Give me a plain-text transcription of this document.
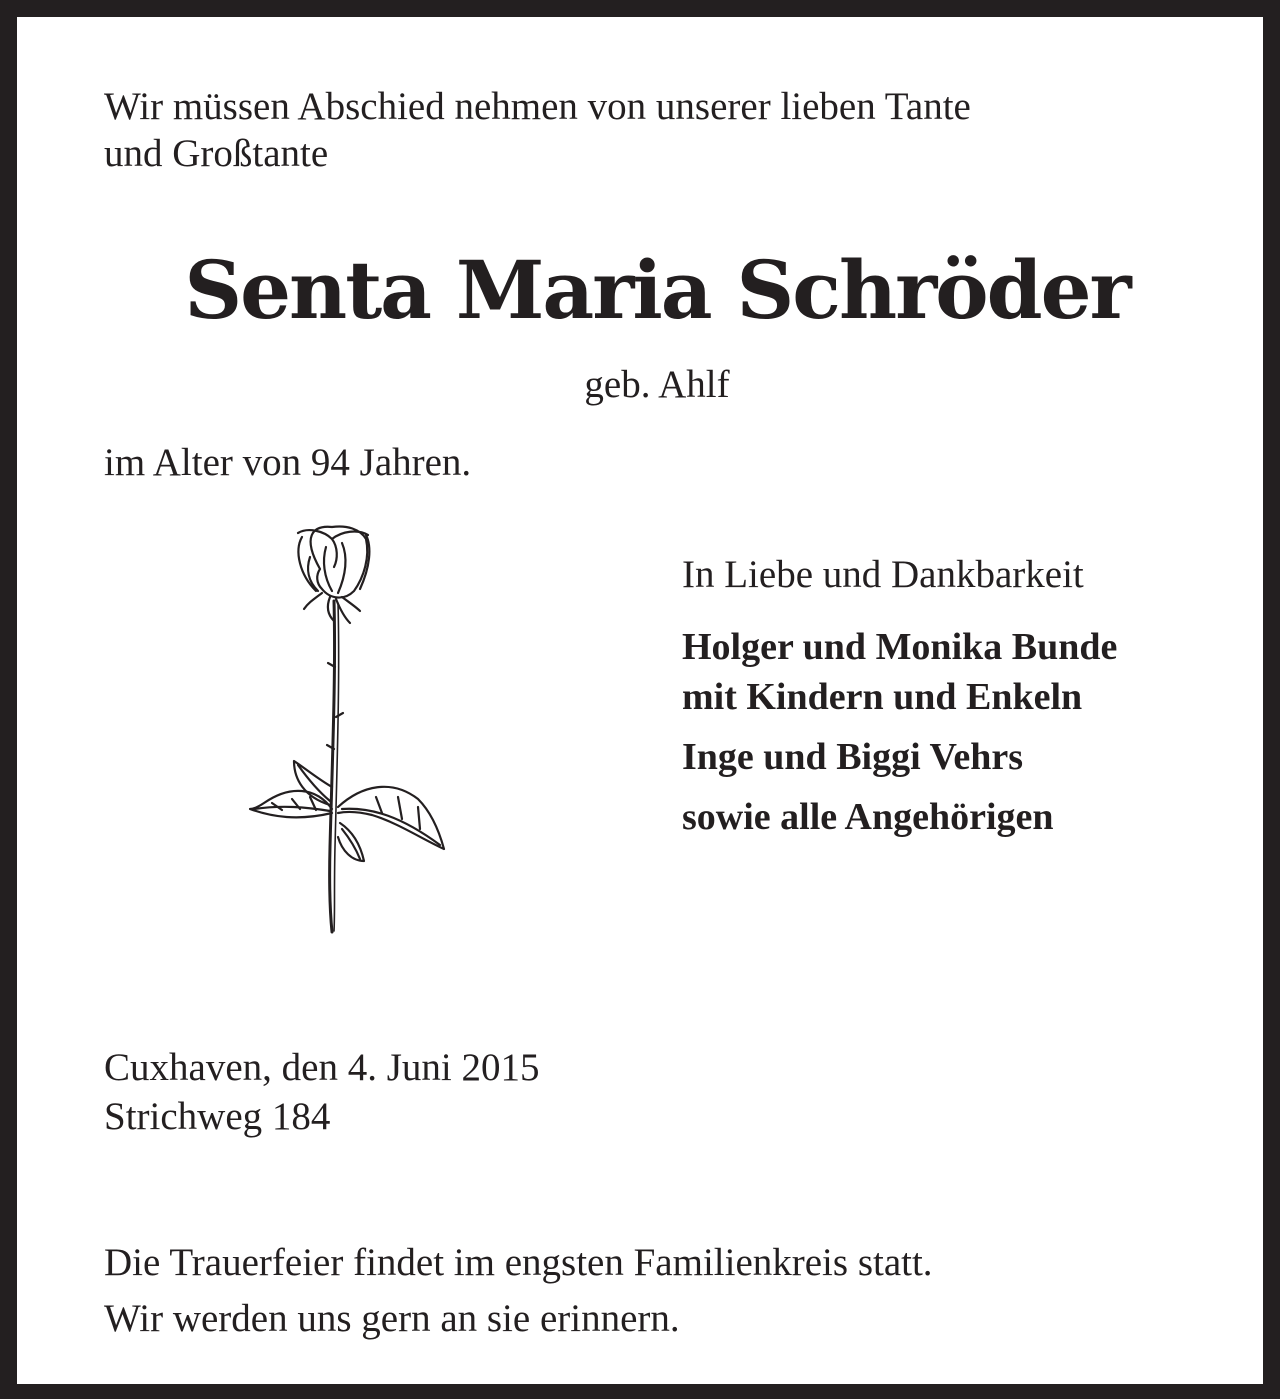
Wir müssen Abschied nehmen von unserer lieben Tante
und Großtante
Senta Maria Schröder
geb. Ahlf
im Alter von 94 Jahren.
In Liebe und Dankbarkeit
Holger und Monika Bunde
mit Kindern und Enkeln
Inge und Biggi Vehrs
sowie alle Angehörigen
Cuxhaven, den 4. Juni 2015
Strichweg 184
Die Trauerfeier findet im engsten Familienkreis statt.
Wir werden uns gern an sie erinnern.
